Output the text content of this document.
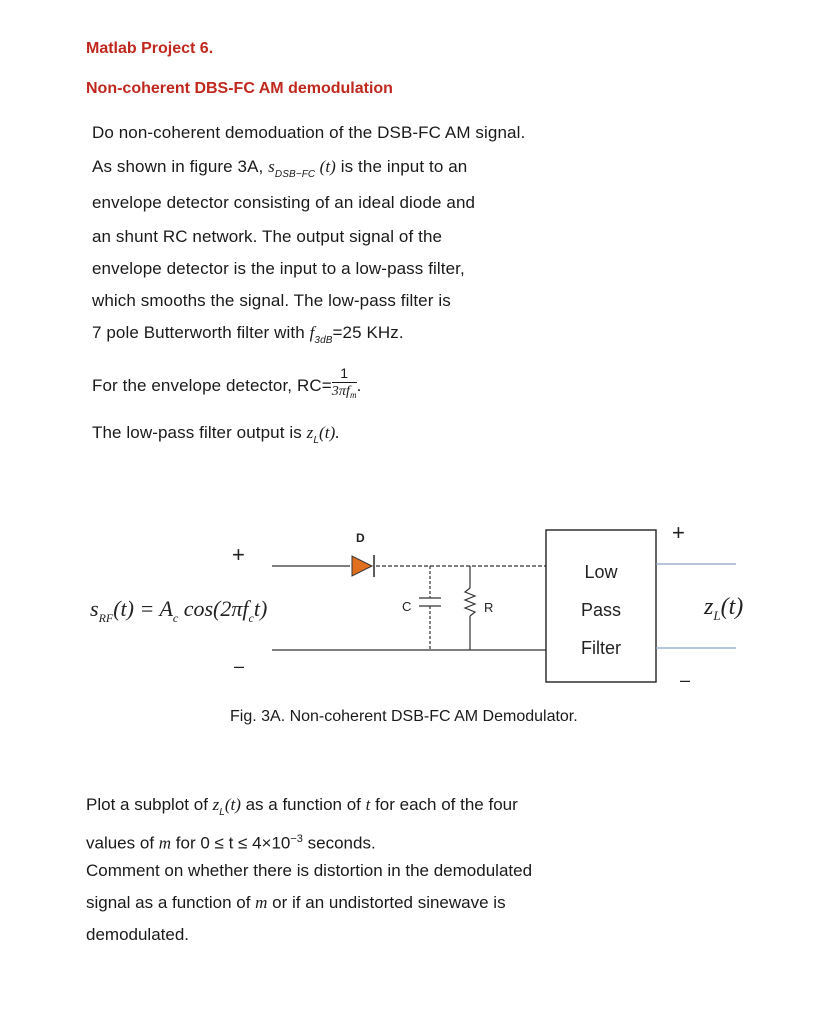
Matlab Project 6.
Non-coherent DBS-FC AM demodulation
Do non-coherent demoduation of the DSB-FC AM signal.
As shown in figure 3A, $s_{DSB-FC}$ (t) is the input to an
envelope detector consisting of an ideal diode and
an shunt RC network. The output signal of the
envelope detector is the input to a low-pass filter,
which smooths the signal. The low-pass filter is
7 pole Butterworth filter with $f_{3dB}=25$ KHz.
For the envelope detector, $RC= \frac{1}{3\pi f_m}$ .
The low-pass filter output is $z_L(t)$.
D
C	R
+
–
+
–
Low
Pass
Filter
$s_{RF}(t) = A_c$ $\cos(2\pi f_ct)$	$z_L(t)$
Fig. 3A. Non-coherent DSB-FC AM Demodulator.
Plot a subplot of $z_L(t)$ as a function of t for each of the four
values of m for $0 \le t \le 4\times 10^{-3}$ seconds.
Comment on whether there is distortion in the demodulated
signal as a function of m or if an undistorted sinewave is
demodulated.
